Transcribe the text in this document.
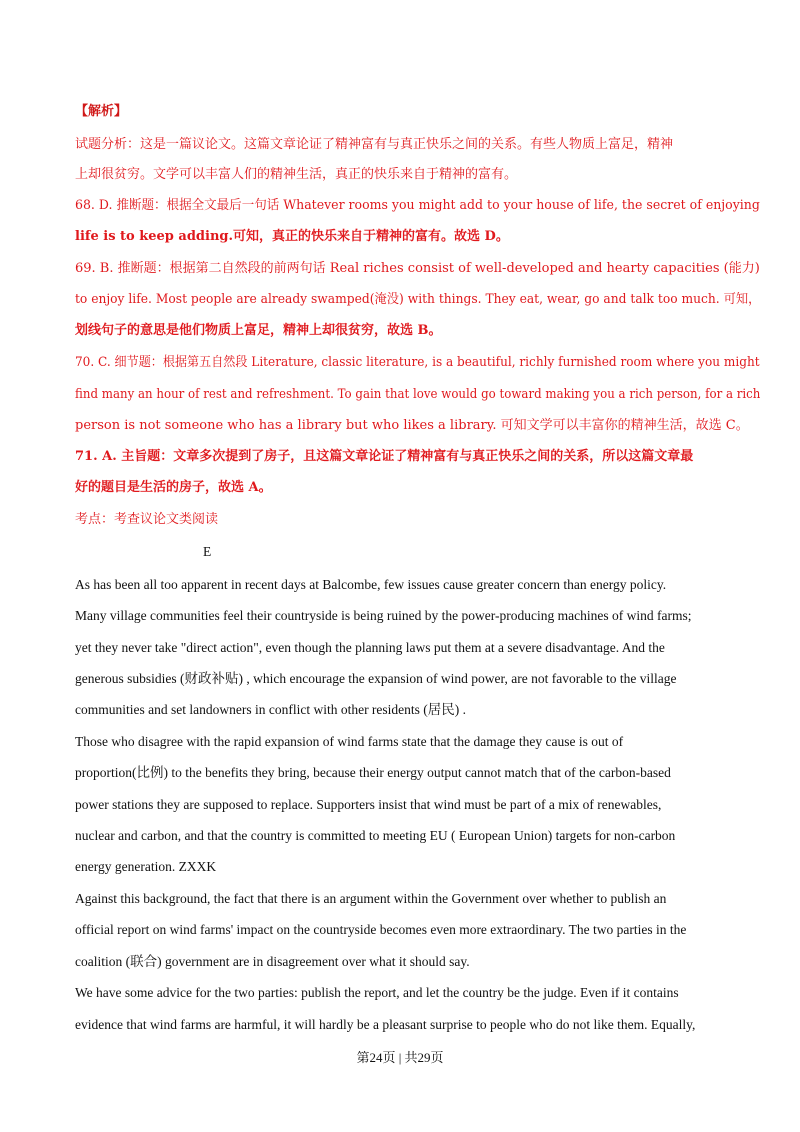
【解析】
试题分析：这是一篇议论文。这篇文章论证了精神富有与真正快乐之间的关系。有些人物质上富足，精神
上却很贫穷。文学可以丰富人们的精神生活，真正的快乐来自于精神的富有。
68. D. 推断题：根据全文最后一句话 Whatever rooms you might add to your house of life, the secret of enjoying
life is to keep adding.可知，真正的快乐来自于精神的富有。故选 D。
69. B. 推断题：根据第二自然段的前两句话 Real riches consist of well-developed and hearty capacities (能力)
to enjoy life. Most people are already swamped(淹没) with things. They eat, wear, go and talk too much. 可知，
划线句子的意思是他们物质上富足，精神上却很贫穷，故选 B。
70. C. 细节题：根据第五自然段 Literature, classic literature, is a beautiful, richly furnished room where you might
find many an hour of rest and refreshment. To gain that love would go toward making you a rich person, for a rich
person is not someone who has a library but who likes a library. 可知文学可以丰富你的精神生活，故选 C。
71. A. 主旨题：文章多次提到了房子，且这篇文章论证了精神富有与真正快乐之间的关系，所以这篇文章最
好的题目是生活的房子，故选 A。
考点：考查议论文类阅读
E
As has been all too apparent in recent days at Balcombe, few issues cause greater concern than energy policy.
Many village communities feel their countryside is being ruined by the power-producing machines of wind farms;
yet they never take "direct action", even though the planning laws put them at a severe disadvantage. And the
generous subsidies (财政补贴) , which encourage the expansion of wind power, are not favorable to the village
communities and set landowners in conflict with other residents (居民) .
Those who disagree with the rapid expansion of wind farms state that the damage they cause is out of
proportion(比例) to the benefits they bring, because their energy output cannot match that of the carbon-based
power stations they are supposed to replace. Supporters insist that wind must be part of a mix of renewables,
nuclear and carbon, and that the country is committed to meeting EU ( European Union) targets for non-carbon
energy generation. ZXXK
Against this background, the fact that there is an argument within the Government over whether to publish an
official report on wind farms' impact on the countryside becomes even more extraordinary. The two parties in the
coalition (联合) government are in disagreement over what it should say.
We have some advice for the two parties: publish the report, and let the country be the judge. Even if it contains
evidence that wind farms are harmful, it will hardly be a pleasant surprise to people who do not like them. Equally,
第24页 | 共29页
